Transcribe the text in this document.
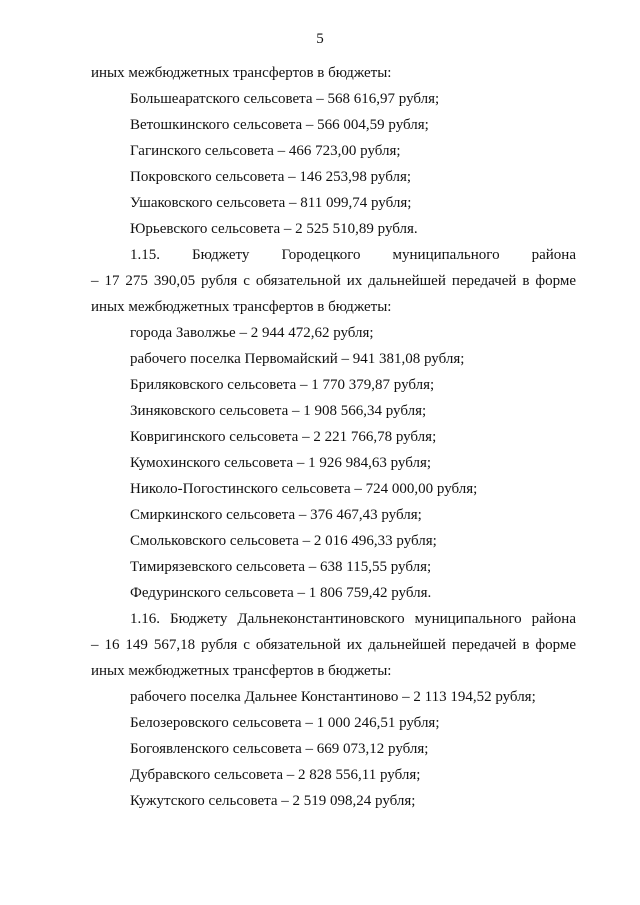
5
иных межбюджетных трансфертов в бюджеты:
Большеаратского сельсовета – 568 616,97 рубля;
Ветошкинского сельсовета – 566 004,59 рубля;
Гагинского сельсовета – 466 723,00 рубля;
Покровского сельсовета – 146 253,98 рубля;
Ушаковского сельсовета – 811 099,74 рубля;
Юрьевского сельсовета – 2 525 510,89 рубля.
1.15. Бюджету Городецкого муниципального района
– 17 275 390,05 рубля с обязательной их дальнейшей передачей в форме
иных межбюджетных трансфертов в бюджеты:
города Заволжье – 2 944 472,62 рубля;
рабочего поселка Первомайский – 941 381,08 рубля;
Бриляковского сельсовета – 1 770 379,87 рубля;
Зиняковского сельсовета – 1 908 566,34 рубля;
Ковригинского сельсовета – 2 221 766,78 рубля;
Кумохинского сельсовета – 1 926 984,63 рубля;
Николо-Погостинского сельсовета – 724 000,00 рубля;
Смиркинского сельсовета – 376 467,43 рубля;
Смольковского сельсовета – 2 016 496,33 рубля;
Тимирязевского сельсовета – 638 115,55 рубля;
Федуринского сельсовета – 1 806 759,42 рубля.
1.16. Бюджету Дальнеконстантиновского муниципального района
– 16 149 567,18 рубля с обязательной их дальнейшей передачей в форме
иных межбюджетных трансфертов в бюджеты:
рабочего поселка Дальнее Константиново – 2 113 194,52 рубля;
Белозеровского сельсовета – 1 000 246,51 рубля;
Богоявленского сельсовета – 669 073,12 рубля;
Дубравского сельсовета – 2 828 556,11 рубля;
Кужутского сельсовета – 2 519 098,24 рубля;
